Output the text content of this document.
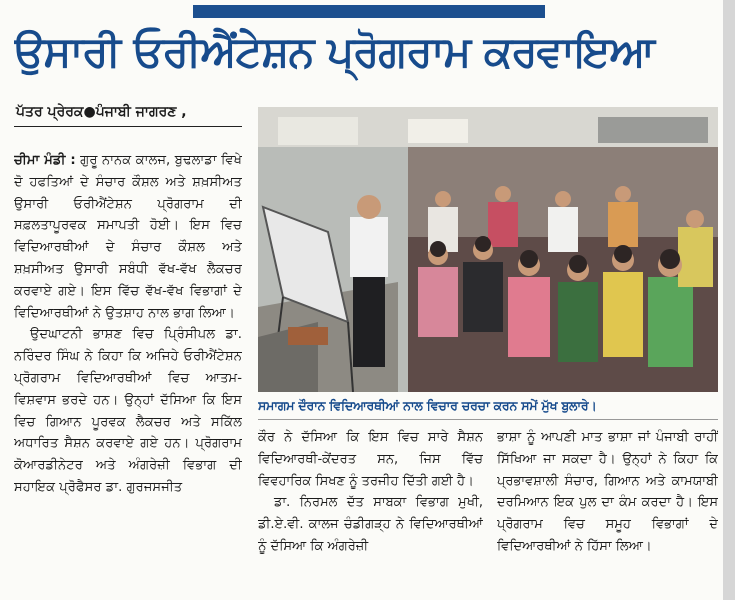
ਉਸਾਰੀ ਓਰੀਐਂਟੇਸ਼ਨ ਪ੍ਰੋਗਰਾਮ ਕਰਵਾਇਆ
ਪੱਤਰ ਪ੍ਰੇਰਕ●ਪੰਜਾਬੀ ਜਾਗਰਣ ,

ਚੀਮਾ ਮੰਡੀ : ਗੁਰੂ ਨਾਨਕ ਕਾਲਜ, ਬੁਢਲਾਡਾ ਵਿਖੇ ਦੋ ਹਫਤਿਆਂ ਦੇ ਸੰਚਾਰ ਕੌਸ਼ਲ ਅਤੇ ਸ਼ਖ਼ਸੀਅਤ ਉਸਾਰੀ ਓਰੀਐਂਟੇਸ਼ਨ ਪ੍ਰੋਗਰਾਮ ਦੀ ਸਫ਼ਲਤਾਪੂਰਵਕ ਸਮਾਪਤੀ ਹੋਈ। ਇਸ ਵਿਚ ਵਿਦਿਆਰਥੀਆਂ ਦੇ ਸੰਚਾਰ ਕੌਸ਼ਲ ਅਤੇ ਸ਼ਖ਼ਸੀਅਤ ਉਸਾਰੀ ਸਬੰਧੀ ਵੱਖ-ਵੱਖ ਲੈਕਚਰ ਕਰਵਾਏ ਗਏ। ਇਸ ਵਿੱਚ ਵੱਖ-ਵੱਖ ਵਿਭਾਗਾਂ ਦੇ ਵਿਦਿਆਰਥੀਆਂ ਨੇ ਉਤਸ਼ਾਹ ਨਾਲ ਭਾਗ ਲਿਆ।

ਉਦਘਾਟਨੀ ਭਾਸ਼ਣ ਵਿਚ ਪ੍ਰਿੰਸੀਪਲ ਡਾ. ਨਰਿੰਦਰ ਸਿੰਘ ਨੇ ਕਿਹਾ ਕਿ ਅਜਿਹੇ ਓਰੀਐਂਟੇਸ਼ਨ ਪ੍ਰੋਗਰਾਮ ਵਿਦਿਆਰਥੀਆਂ ਵਿਚ ਆਤਮ-ਵਿਸ਼ਵਾਸ ਭਰਦੇ ਹਨ। ਉਨ੍ਹਾਂ ਦੱਸਿਆ ਕਿ ਇਸ ਵਿਚ ਗਿਆਨ ਪੂਰਵਕ ਲੈਕਚਰ ਅਤੇ ਸਕਿੱਲ ਅਧਾਰਿਤ ਸੈਸ਼ਨ ਕਰਵਾਏ ਗਏ ਹਨ। ਪ੍ਰੋਗਰਾਮ ਕੋਆਰਡੀਨੇਟਰ ਅਤੇ ਅੰਗਰੇਜ਼ੀ ਵਿਭਾਗ ਦੀ ਸਹਾਇਕ ਪ੍ਰੋਫੈਸਰ ਡਾ. ਗੁਰਜਸਜੀਤ

ਸਮਾਗਮ ਦੌਰਾਨ ਵਿਦਿਆਰਥੀਆਂ ਨਾਲ ਵਿਚਾਰ ਚਰਚਾ ਕਰਨ ਸਮੇਂ ਮੁੱਖ ਬੁਲਾਰੇ।

ਕੌਰ ਨੇ ਦੱਸਿਆ ਕਿ ਇਸ ਵਿਚ ਸਾਰੇ ਸੈਸ਼ਨ ਵਿਦਿਆਰਥੀ-ਕੇਂਦਰਤ ਸਨ, ਜਿਸ ਵਿੱਚ ਵਿਵਹਾਰਿਕ ਸਿਖਣ ਨੂੰ ਤਰਜੀਹ ਦਿੱਤੀ ਗਈ ਹੈ।

ਡਾ. ਨਿਰਮਲ ਦੱਤ ਸਾਬਕਾ ਵਿਭਾਗ ਮੁਖੀ, ਡੀ.ਏ.ਵੀ. ਕਾਲਜ ਚੰਡੀਗੜ੍ਹ ਨੇ ਵਿਦਿਆਰਥੀਆਂ ਨੂੰ ਦੱਸਿਆ ਕਿ ਅੰਗਰੇਜ਼ੀ

ਭਾਸ਼ਾ ਨੂੰ ਆਪਣੀ ਮਾਤ ਭਾਸ਼ਾ ਜਾਂ ਪੰਜਾਬੀ ਰਾਹੀਂ ਸਿੱਖਿਆ ਜਾ ਸਕਦਾ ਹੈ। ਉਨ੍ਹਾਂ ਨੇ ਕਿਹਾ ਕਿ ਪ੍ਰਭਾਵਸ਼ਾਲੀ ਸੰਚਾਰ, ਗਿਆਨ ਅਤੇ ਕਾਮਯਾਬੀ ਦਰਮਿਆਨ ਇਕ ਪੁਲ ਦਾ ਕੰਮ ਕਰਦਾ ਹੈ। ਇਸ ਪ੍ਰੋਗਰਾਮ ਵਿਚ ਸਮੂਹ ਵਿਭਾਗਾਂ ਦੇ ਵਿਦਿਆਰਥੀਆਂ ਨੇ ਹਿੱਸਾ ਲਿਆ।
